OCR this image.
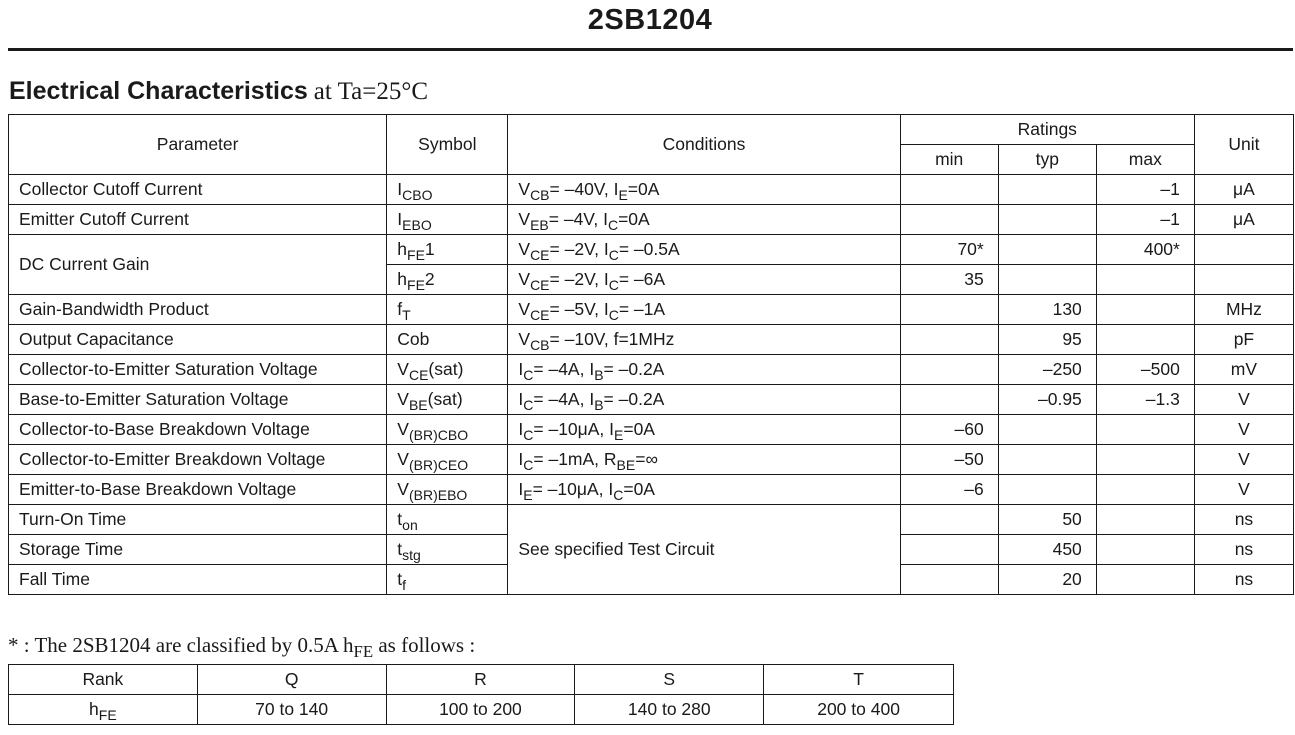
2SB1204
Electrical Characteristics at Ta=25°C
Parameter	Symbol	Conditions	Ratings			Unit
			min	typ	max	
Collector Cutoff Current	$I_{CBO}$	$V_{CB}= -40V$, $I_E=0A$			–1	μA
Emitter Cutoff Current	$I_{EBO}$	$V_{EB}= -4V$, $I_C=0A$			–1	μA
DC Current Gain	$h_{FE}1$	$V_{CE}= -2V$, $I_C= -0.5A$	70*		400*	
	$h_{FE}2$	$V_{CE}= -2V$, $I_C= -6A$	35			
Gain-Bandwidth Product	$f_T$	$V_{CE}= -5V$, $I_C= -1A$		130		MHz
Output Capacitance	Cob	$V_{CB}= -10V$, f=1MHz		95		pF
Collector-to-Emitter Saturation Voltage	$V_{CE}(sat)$	$I_C= -4A$, $I_B= -0.2A$		–250	–500	mV
Base-to-Emitter Saturation Voltage	$V_{BE}(sat)$	$I_C= -4A$, $I_B= -0.2A$		–0.95	–1.3	V
Collector-to-Base Breakdown Voltage	$V_{(BR)CBO}$	$I_C= -10\mu A$, $I_E=0A$	–60			V
Collector-to-Emitter Breakdown Voltage	$V_{(BR)CEO}$	$I_C= -1mA$, $R_{BE}=\infty$	–50			V
Emitter-to-Base Breakdown Voltage	$V_{(BR)EBO}$	$I_E= -10\mu A$, $I_C=0A$	–6			V
Turn-On Time	$t_{on}$	See specified Test Circuit		50		ns
Storage Time	$t_{stg}$			450		ns
Fall Time	$t_f$			20		ns
* : The 2SB1204 are classified by 0.5A $h_{FE}$ as follows :
Rank	Q	R	S	T
$h_{FE}$	70 to 140	100 to 200	140 to 280	200 to 400
